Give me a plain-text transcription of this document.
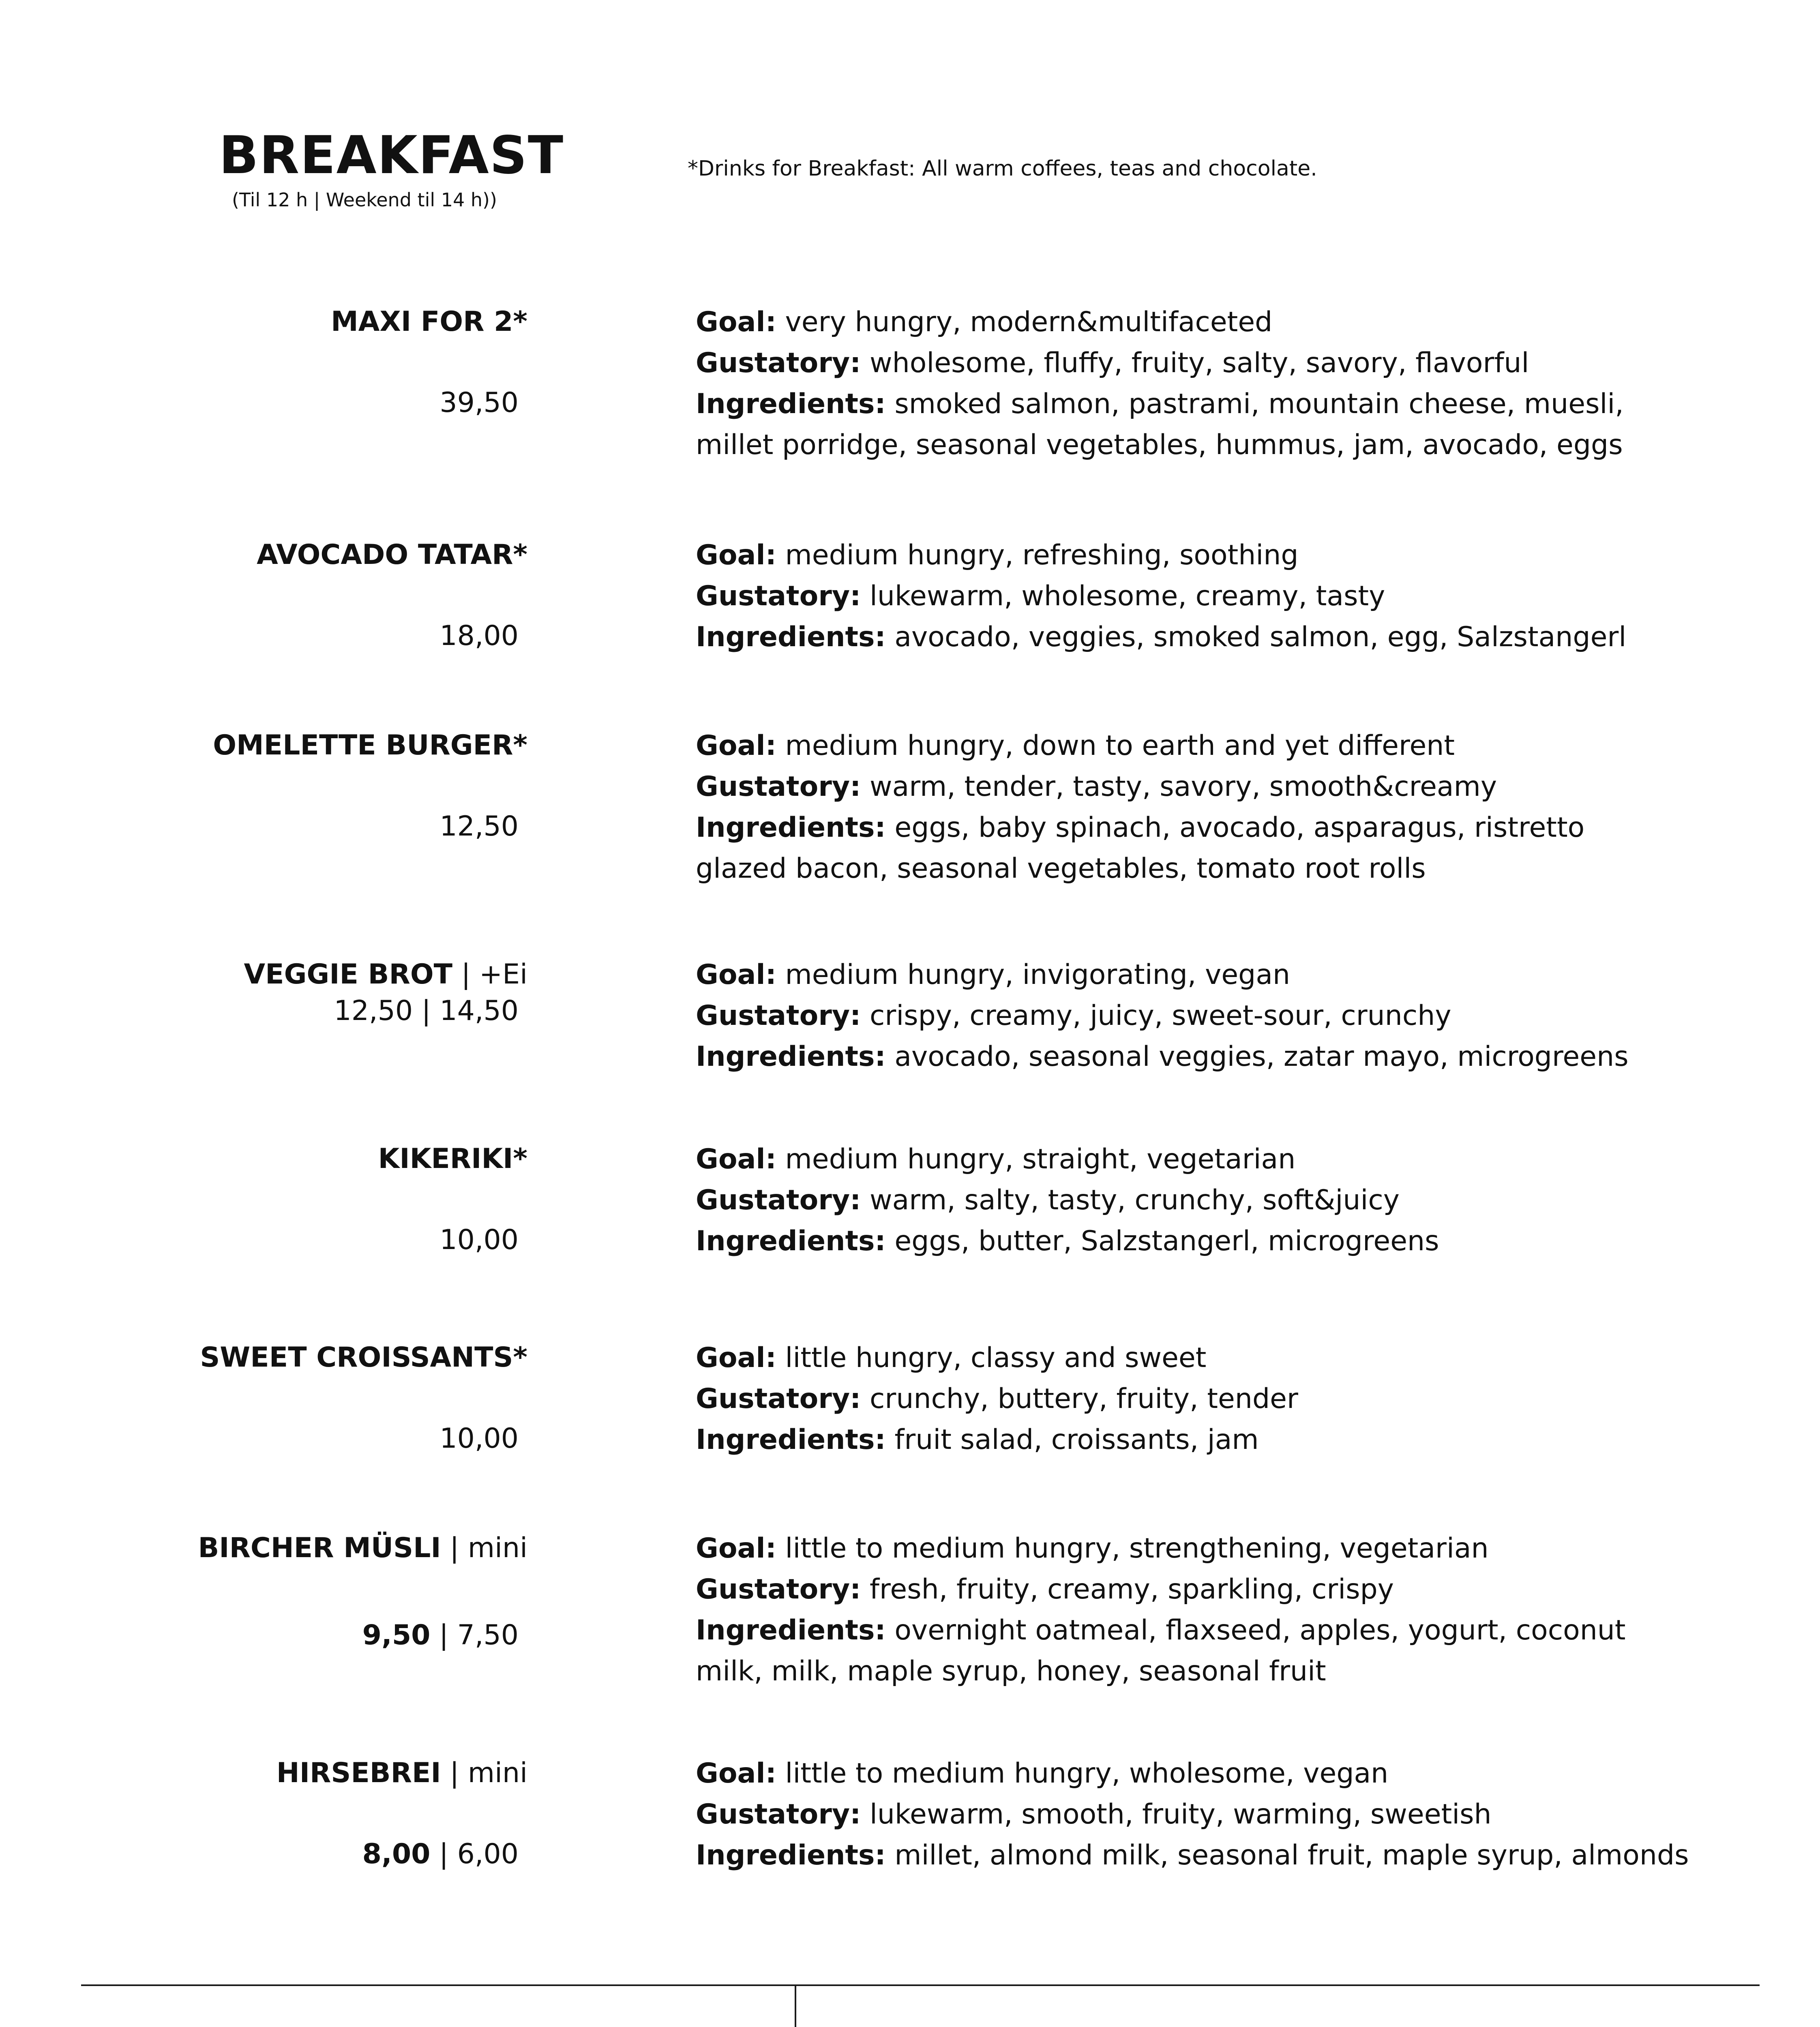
BREAKFAST
(Til 12 h | Weekend til 14 h))
*Drinks for Breakfast: All warm coffees, teas and chocolate.
MAXI FOR 2*
39,50
Goal: very hungry, modern&multifaceted
Gustatory: wholesome, fluffy, fruity, salty, savory, flavorful
Ingredients: smoked salmon, pastrami, mountain cheese, muesli,
millet porridge, seasonal vegetables, hummus, jam, avocado, eggs
AVOCADO TATAR*
18,00
Goal: medium hungry, refreshing, soothing
Gustatory: lukewarm, wholesome, creamy, tasty
Ingredients: avocado, veggies, smoked salmon, egg, Salzstangerl
OMELETTE BURGER*
12,50
Goal: medium hungry, down to earth and yet different
Gustatory: warm, tender, tasty, savory, smooth&creamy
Ingredients: eggs, baby spinach, avocado, asparagus, ristretto
glazed bacon, seasonal vegetables, tomato root rolls
VEGGIE BROT | +Ei
12,50 | 14,50
Goal: medium hungry, invigorating, vegan
Gustatory: crispy, creamy, juicy, sweet-sour, crunchy
Ingredients: avocado, seasonal veggies, zatar mayo, microgreens
KIKERIKI*
10,00
Goal: medium hungry, straight, vegetarian
Gustatory: warm, salty, tasty, crunchy, soft&juicy
Ingredients: eggs, butter, Salzstangerl, microgreens
SWEET CROISSANTS*
10,00
Goal: little hungry, classy and sweet
Gustatory: crunchy, buttery, fruity, tender
Ingredients: fruit salad, croissants, jam
BIRCHER MÜSLI | mini
9,50 | 7,50
Goal: little to medium hungry, strengthening, vegetarian
Gustatory: fresh, fruity, creamy, sparkling, crispy
Ingredients: overnight oatmeal, flaxseed, apples, yogurt, coconut
milk, milk, maple syrup, honey, seasonal fruit
HIRSEBREI | mini
8,00 | 6,00
Goal: little to medium hungry, wholesome, vegan
Gustatory: lukewarm, smooth, fruity, warming, sweetish
Ingredients: millet, almond milk, seasonal fruit, maple syrup, almonds
